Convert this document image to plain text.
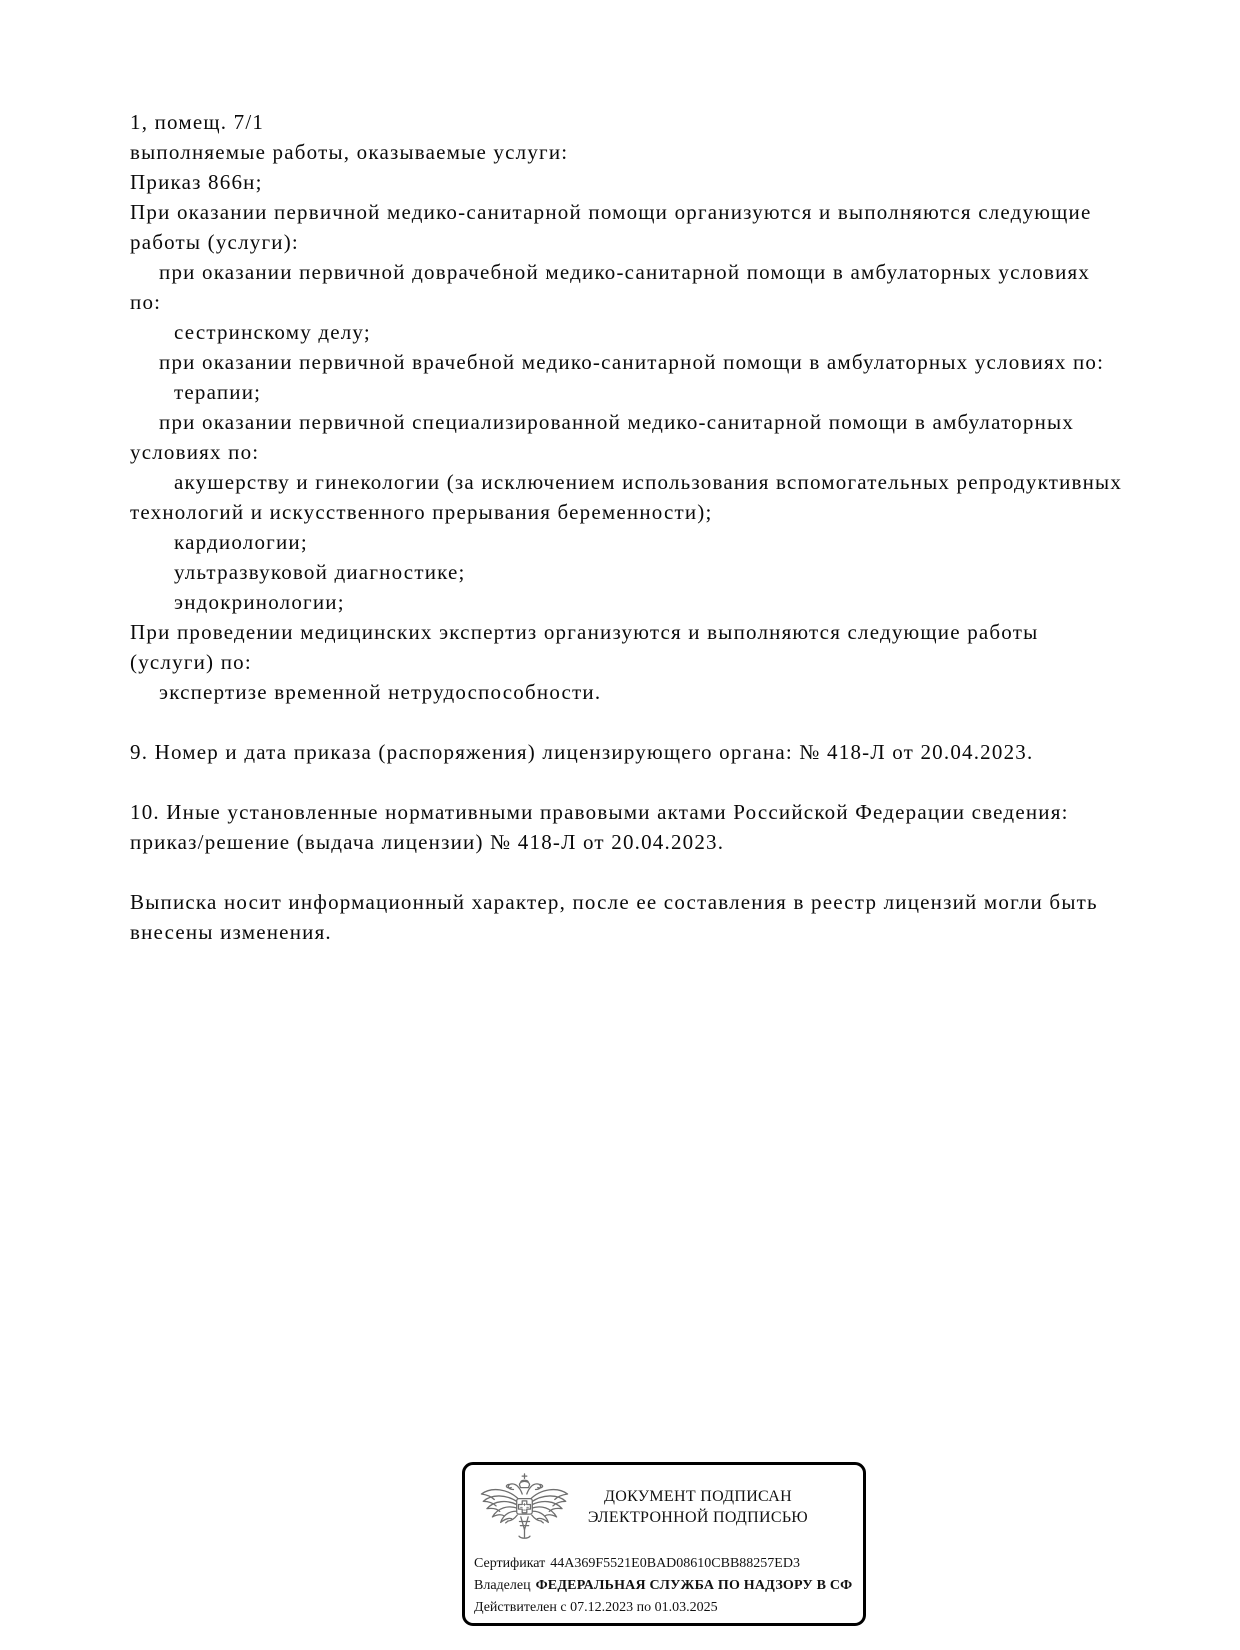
1, помещ. 7/1
выполняемые работы, оказываемые услуги:
Приказ 866н;
При оказании первичной медико-санитарной помощи организуются и выполняются следующие
работы (услуги):
при оказании первичной доврачебной медико-санитарной помощи в амбулаторных условиях
по:
сестринскому делу;
при оказании первичной врачебной медико-санитарной помощи в амбулаторных условиях по:
терапии;
при оказании первичной специализированной медико-санитарной помощи в амбулаторных
условиях по:
акушерству и гинекологии (за исключением использования вспомогательных репродуктивных
технологий и искусственного прерывания беременности);
кардиологии;
ультразвуковой диагностике;
эндокринологии;
При проведении медицинских экспертиз организуются и выполняются следующие работы
(услуги) по:
экспертизе временной нетрудоспособности.
9. Номер и дата приказа (распоряжения) лицензирующего органа: № 418-Л от 20.04.2023.
10. Иные установленные нормативными правовыми актами Российской Федерации сведения:
приказ/решение (выдача лицензии) № 418-Л от 20.04.2023.
Выписка носит информационный характер, после ее составления в реестр лицензий могли быть
внесены изменения.
ДОКУМЕНТ ПОДПИСАН
ЭЛЕКТРОННОЙ ПОДПИСЬЮ
Сертификат 44A369F5521E0BAD08610CBB88257ED3
Владелец ФЕДЕРАЛЬНАЯ СЛУЖБА ПО НАДЗОРУ В СФ
Действителен с 07.12.2023 по 01.03.2025
